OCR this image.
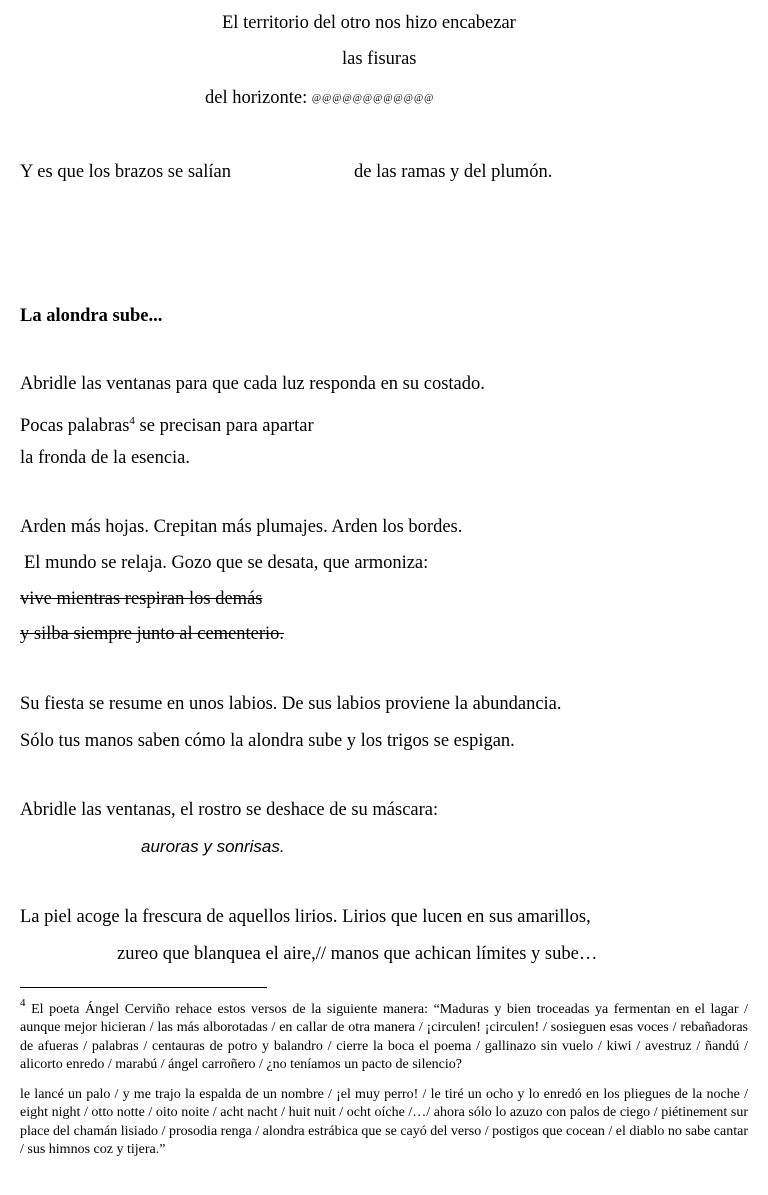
El territorio del otro nos hizo encabezar
las fisuras
del horizonte: @@@@@@@@@@@@
Y es que los brazos se salían	de las ramas y del plumón.
La alondra sube...
Abridle las ventanas para que cada luz responda en su costado.
Pocas palabras$^4$ se precisan para apartar
la fronda de la esencia.
Arden más hojas. Crepitan más plumajes. Arden los bordes.
El mundo se relaja. Gozo que se desata, que armoniza:
vive mientras respiran los demás
y silba siempre junto al cementerio.
Su fiesta se resume en unos labios. De sus labios proviene la abundancia.
Sólo tus manos saben cómo la alondra sube y los trigos se espigan.
Abridle las ventanas, el rostro se deshace de su máscara:
auroras y sonrisas.
La piel acoge la frescura de aquellos lirios. Lirios que lucen en sus amarillos,
zureo que blanquea el aire,// manos que achican límites y sube…
$^4$ El poeta Ángel Cerviño rehace estos versos de la siguiente manera: “Maduras y bien troceadas ya fermentan en el lagar / aunque mejor hicieran / las más alborotadas / en callar de otra manera / ¡circulen! ¡circulen! / sosieguen esas voces / rebañadoras de afueras / palabras / centauras de potro y balandro / cierre la boca el poema / gallinazo sin vuelo / kiwi / avestruz / ñandú / alicorto enredo / marabú / ángel carroñero / ¿no teníamos un pacto de silencio?
le lancé un palo / y me trajo la espalda de un nombre / ¡el muy perro! / le tiré un ocho y lo enredó en los pliegues de la noche / eight night / otto notte / oito noite / acht nacht / huit nuit / ocht oíche /…/ ahora sólo lo azuzo con palos de ciego / piétinement sur place del chamán lisiado / prosodia renga / alondra estrábica que se cayó del verso / postigos que cocean / el diablo no sabe cantar / sus himnos coz y tijera.”
